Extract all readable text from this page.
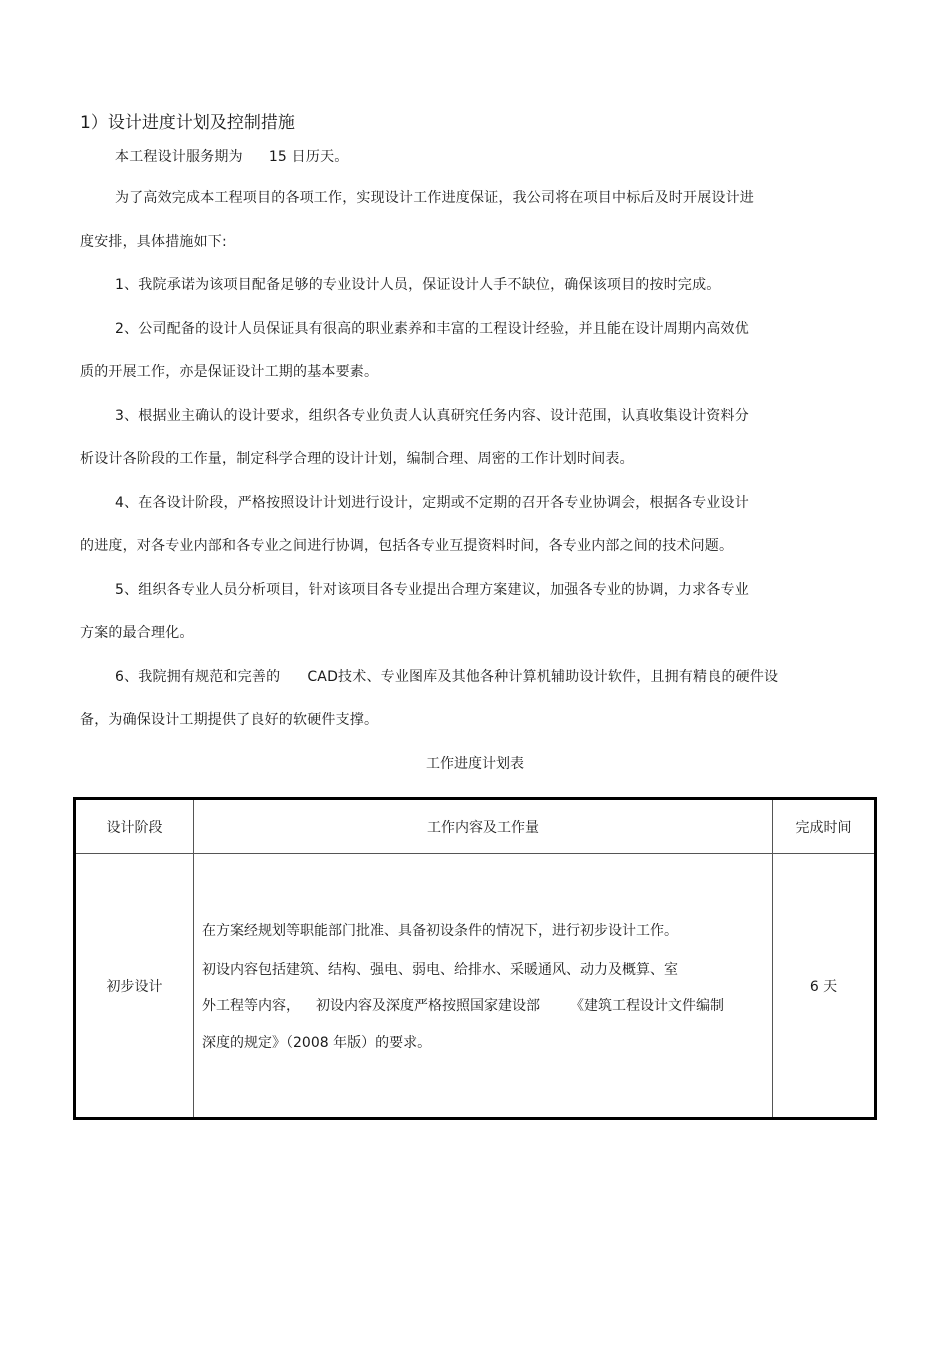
1）设计进度计划及控制措施
本工程设计服务期为 15 日历天。
为了高效完成本工程项目的各项工作，实现设计工作进度保证，我公司将在项目中标后及时开展设计进
度安排，具体措施如下:
1、我院承诺为该项目配备足够的专业设计人员，保证设计人手不缺位，确保该项目的按时完成。
2、公司配备的设计人员保证具有很高的职业素养和丰富的工程设计经验，并且能在设计周期内高效优
质的开展工作，亦是保证设计工期的基本要素。
3、根据业主确认的设计要求，组织各专业负责人认真研究任务内容、设计范围，认真收集设计资料分
析设计各阶段的工作量，制定科学合理的设计计划，编制合理、周密的工作计划时间表。
4、在各设计阶段，严格按照设计计划进行设计，定期或不定期的召开各专业协调会，根据各专业设计
的进度，对各专业内部和各专业之间进行协调，包括各专业互提资料时间，各专业内部之间的技术问题。
5、组织各专业人员分析项目，针对该项目各专业提出合理方案建议，加强各专业的协调，力求各专业
方案的最合理化。
6、我院拥有规范和完善的 CAD技术、专业图库及其他各种计算机辅助设计软件，且拥有精良的硬件设
备，为确保设计工期提供了良好的软硬件支撑。
工作进度计划表
设计阶段	工作内容及工作量	完成时间
初步设计	在方案经规划等职能部门批准、具备初设条件的情况下，进行初步设计工作。
初设内容包括建筑、结构、强电、弱电、给排水、采暖通风、动力及概算、室
外工程等内容， 初设内容及深度严格按照国家建设部 《建筑工程设计文件编制
深度的规定》（2008 年版）的要求。	6 天
